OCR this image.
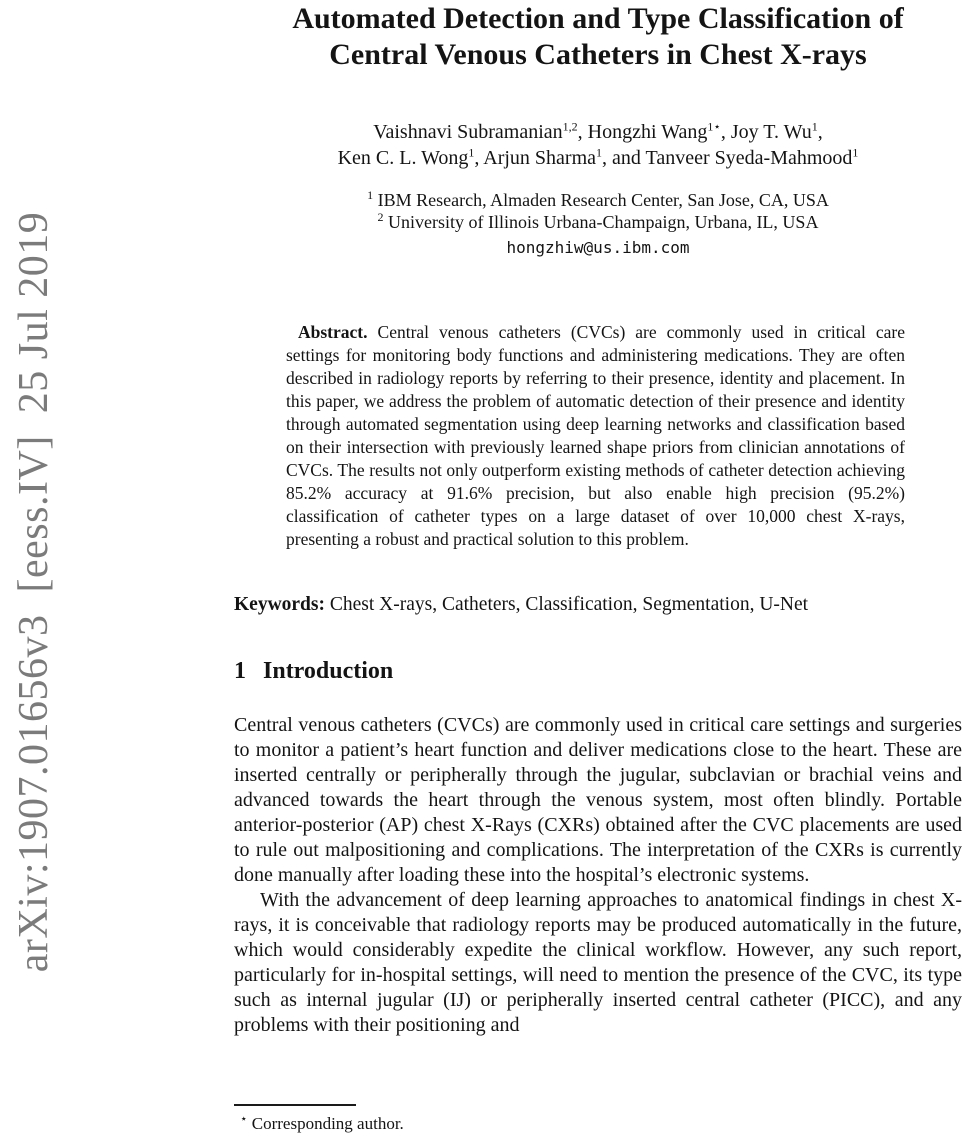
arXiv:1907.01656v3  [eess.IV]  25 Jul 2019
Automated Detection and Type Classification of
Central Venous Catheters in Chest X-rays
Vaishnavi Subramanian$^{1,2}$, Hongzhi Wang$^{1⋆}$, Joy T. Wu$^1$,
Ken C. L. Wong$^1$, Arjun Sharma$^1$, and Tanveer Syeda-Mahmood$^1$
$^1$ IBM Research, Almaden Research Center, San Jose, CA, USA
$^2$ University of Illinois Urbana-Champaign, Urbana, IL, USA
hongzhiw@us.ibm.com

Abstract. Central venous catheters (CVCs) are commonly used in critical care settings for monitoring body functions and administering medications. They are often described in radiology reports by referring to their presence, identity and placement. In this paper, we address the problem of automatic detection of their presence and identity through automated segmentation using deep learning networks and classification based on their intersection with previously learned shape priors from clinician annotations of CVCs. The results not only outperform existing methods of catheter detection achieving 85.2% accuracy at 91.6% precision, but also enable high precision (95.2%) classification of catheter types on a large dataset of over 10,000 chest X-rays, presenting a robust and practical solution to this problem.

Keywords: Chest X-rays, Catheters, Classification, Segmentation, U-Net
1 Introduction

Central venous catheters (CVCs) are commonly used in critical care settings and surgeries to monitor a patient’s heart function and deliver medications close to the heart. These are inserted centrally or peripherally through the jugular, subclavian or brachial veins and advanced towards the heart through the venous system, most often blindly. Portable anterior-posterior (AP) chest X-Rays (CXRs) obtained after the CVC placements are used to rule out malpositioning and complications. The interpretation of the CXRs is currently done manually after loading these into the hospital’s electronic systems.

With the advancement of deep learning approaches to anatomical findings in chest X-rays, it is conceivable that radiology reports may be produced automatically in the future, which would considerably expedite the clinical workflow. However, any such report, particularly for in-hospital settings, will need to mention the presence of the CVC, its type such as internal jugular (IJ) or peripherally inserted central catheter (PICC), and any problems with their positioning and

⋆ Corresponding author.
